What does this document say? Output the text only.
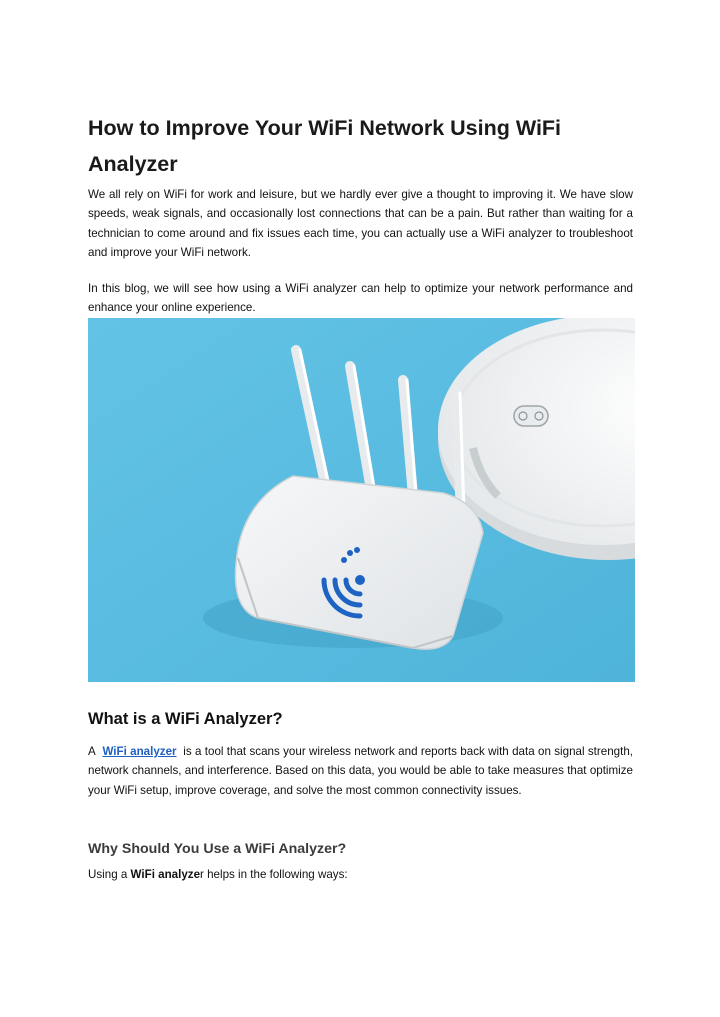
How to Improve Your WiFi Network Using WiFi Analyzer

We all rely on WiFi for work and leisure, but we hardly ever give a thought to improving it. We have slow speeds, weak signals, and occasionally lost connections that can be a pain. But rather than waiting for a technician to come around and fix issues each time, you can actually use a WiFi analyzer to troubleshoot and improve your WiFi network.

In this blog, we will see how using a WiFi analyzer can help to optimize your network performance and enhance your online experience.

What is a WiFi Analyzer?

A WiFi analyzer is a tool that scans your wireless network and reports back with data on signal strength, network channels, and interference. Based on this data, you would be able to take measures that optimize your WiFi setup, improve coverage, and solve the most common connectivity issues.

Why Should You Use a WiFi Analyzer?

Using a WiFi analyzer helps in the following ways:
